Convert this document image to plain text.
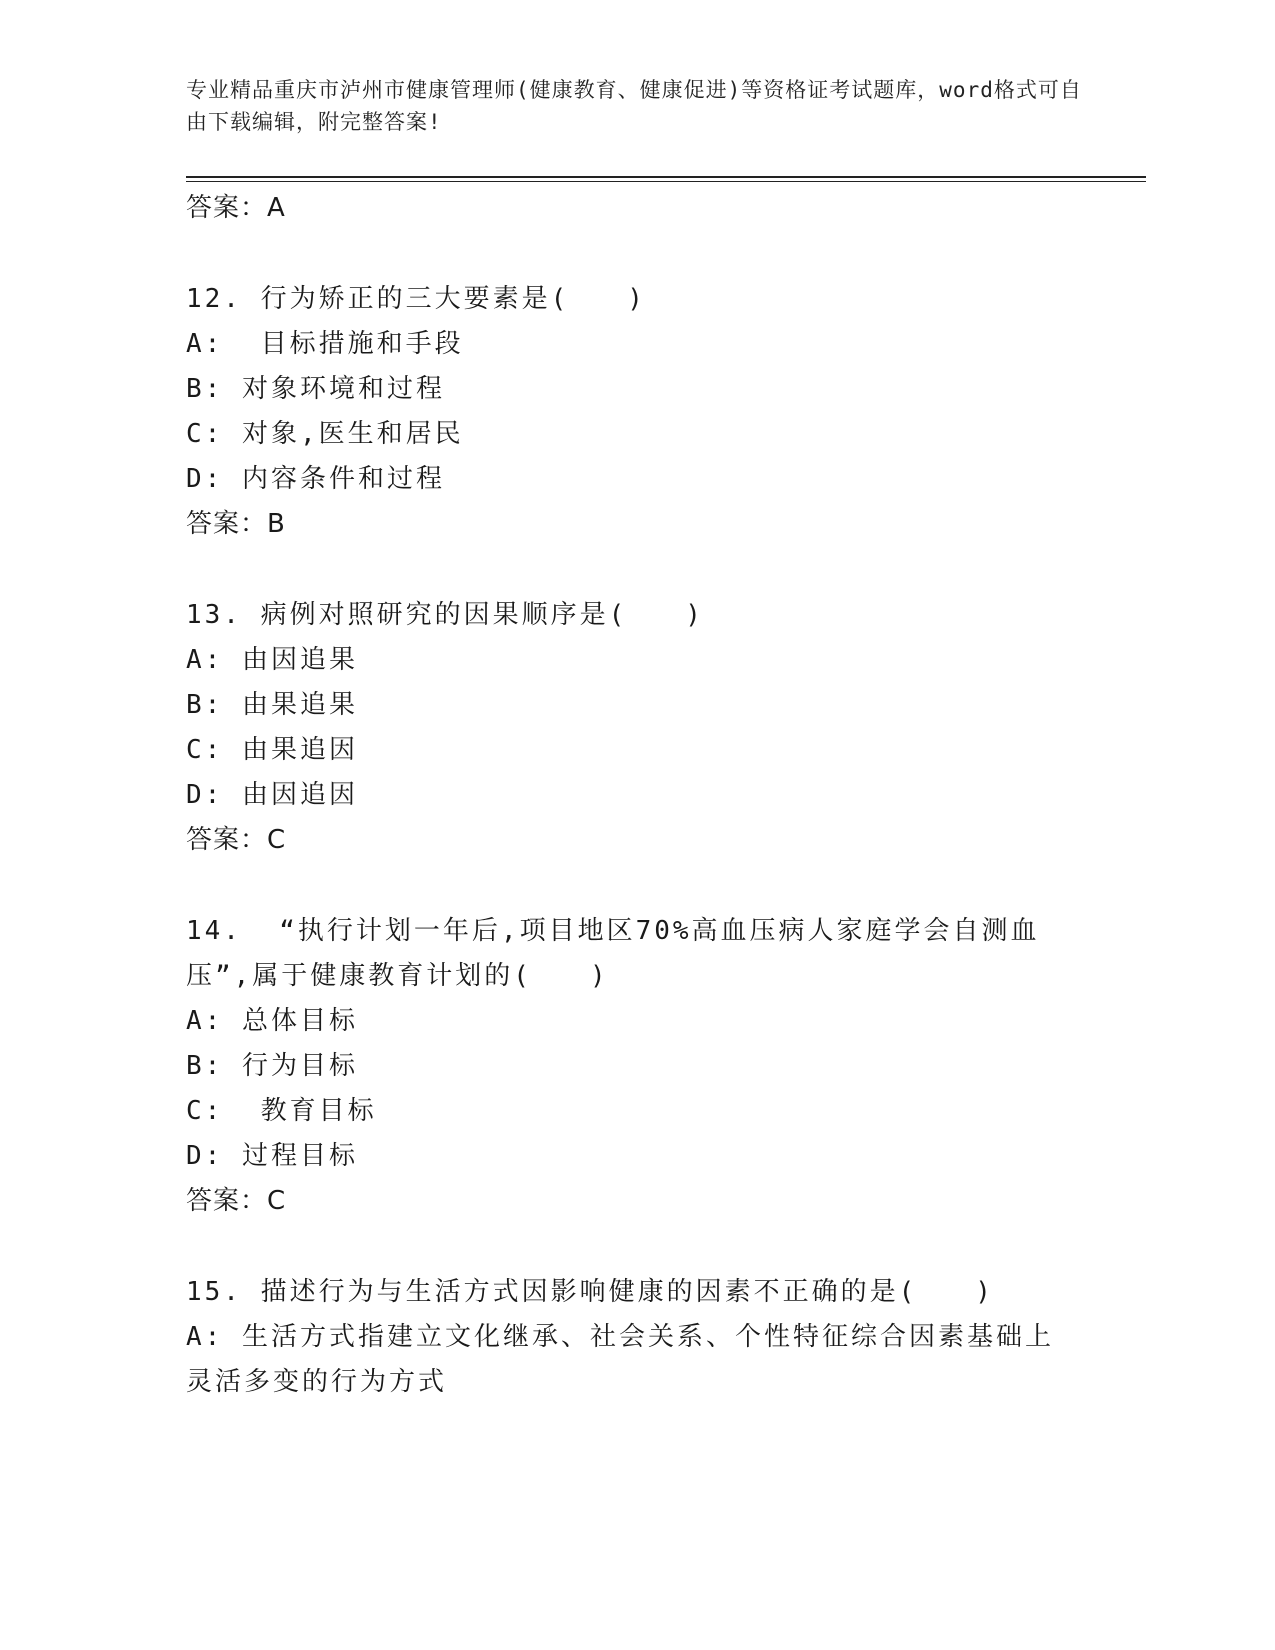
专业精品重庆市泸州市健康管理师(健康教育、健康促进)等资格证考试题库，word格式可自由下载编辑，附完整答案!
答案：A
12. 行为矫正的三大要素是(　　)
A:  目标措施和手段
B: 对象环境和过程
C: 对象,医生和居民
D: 内容条件和过程
答案：B
13. 病例对照研究的因果顺序是(　　)
A: 由因追果
B: 由果追果
C: 由果追因
D: 由因追因
答案：C
14.  “执行计划一年后,项目地区70%高血压病人家庭学会自测血压”,属于健康教育计划的(　　)
A: 总体目标
B: 行为目标
C:  教育目标
D: 过程目标
答案：C
15. 描述行为与生活方式因影响健康的因素不正确的是(　　)
A: 生活方式指建立文化继承、社会关系、个性特征综合因素基础上灵活多变的行为方式
